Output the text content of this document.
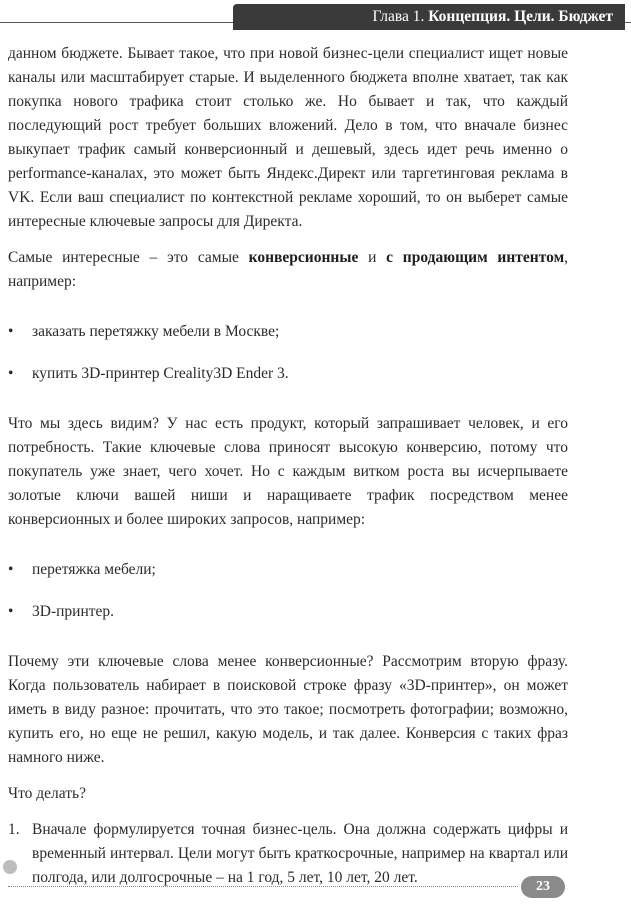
Глава 1. Концепция. Цели. Бюджет

данном бюджете. Бывает такое, что при новой бизнес-цели специалист ищет новые каналы или масштабирует старые. И выделенного бюджета вполне хватает, так как покупка нового трафика стоит столько же. Но бывает и так, что каждый последующий рост требует больших вложений. Дело в том, что вначале бизнес выкупает трафик самый конверсионный и дешевый, здесь идет речь именно о performance-каналах, это может быть Яндекс.Директ или таргетинговая реклама в VK. Если ваш специалист по контекстной рекламе хороший, то он выберет самые интересные ключевые запросы для Директа.

Самые интересные – это самые конверсионные и с продающим интентом, например:

•	заказать перетяжку мебели в Москве;
•	купить 3D-принтер Creality3D Ender 3.

Что мы здесь видим? У нас есть продукт, который запрашивает человек, и его потребность. Такие ключевые слова приносят высокую конверсию, потому что покупатель уже знает, чего хочет. Но с каждым витком роста вы исчерпываете золотые ключи вашей ниши и наращиваете трафик посредством менее конверсионных и более широких запросов, например:

•	перетяжка мебели;
•	3D-принтер.

Почему эти ключевые слова менее конверсионные? Рассмотрим вторую фразу. Когда пользователь набирает в поисковой строке фразу «3D-принтер», он может иметь в виду разное: прочитать, что это такое; посмотреть фотографии; возможно, купить его, но еще не решил, какую модель, и так далее. Конверсия с таких фраз намного ниже.

Что делать?

1. Вначале формулируется точная бизнес-цель. Она должна содержать цифры и временный интервал. Цели могут быть краткосрочные, например на квартал или полгода, или долгосрочные – на 1 год, 5 лет, 10 лет, 20 лет.
23
